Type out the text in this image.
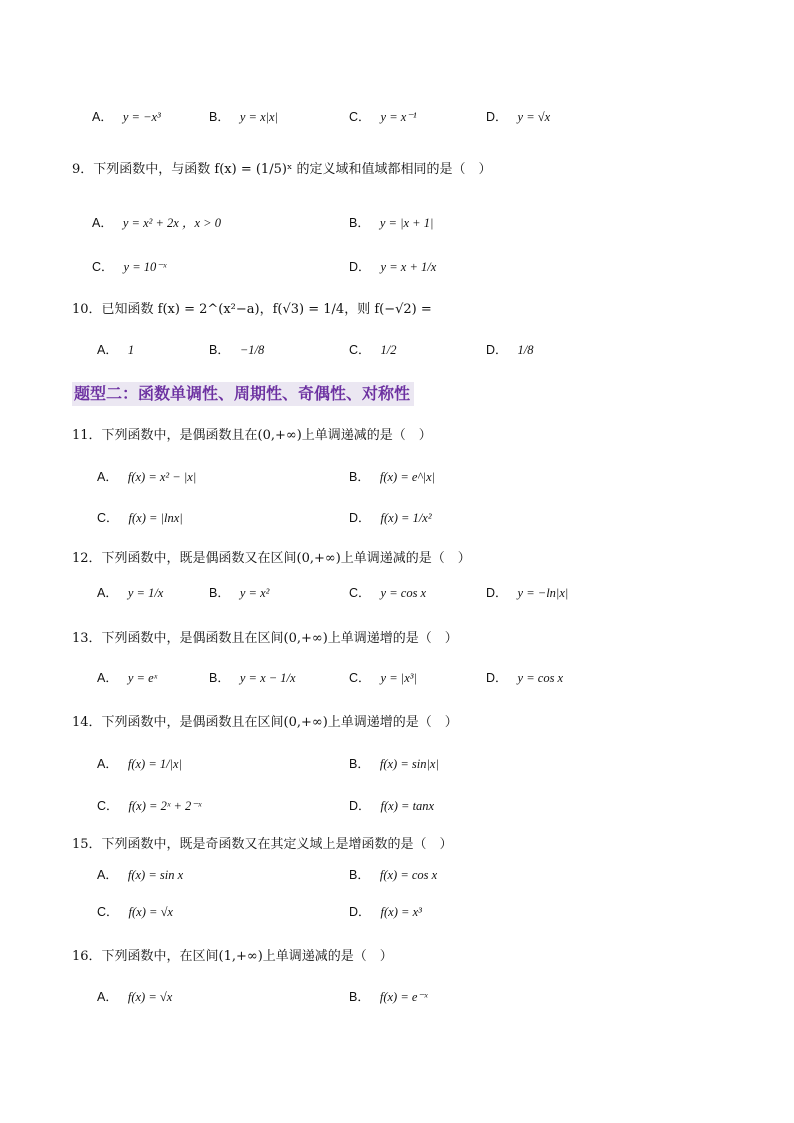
题型二：函数单调性、周期性、奇偶性、对称性
A． y = −x³	B． y = x|x|	C． y = x⁻¹	D． y = √x
9．下列函数中，与函数 f(x) = (1/5)ˣ 的定义域和值域都相同的是（　）
A． y = x² + 2x ，x > 0	B． y = |x + 1|
C． y = 10⁻ˣ	D． y = x + 1/x
10．已知函数 f(x) = 2^(x²−a)，f(√3) = 1/4，则 f(−√2) =
A． 1	B． −1/8	C． 1/2	D． 1/8
11．下列函数中，是偶函数且在(0,+∞)上单调递减的是（　）
A． f(x) = x² − |x|	B． f(x) = e^|x|
C． f(x) = |lnx|	D． f(x) = 1/x²
12．下列函数中，既是偶函数又在区间(0,+∞)上单调递减的是（　）
A． y = 1/x	B． y = x²	C． y = cos x	D． y = −ln|x|
13．下列函数中，是偶函数且在区间(0,+∞)上单调递增的是（　）
A． y = eˣ	B． y = x − 1/x	C． y = |x³|	D． y = cos x
14．下列函数中，是偶函数且在区间(0,+∞)上单调递增的是（　）
A． f(x) = 1/|x|	B． f(x) = sin|x|
C． f(x) = 2ˣ + 2⁻ˣ	D． f(x) = tanx
15．下列函数中，既是奇函数又在其定义域上是增函数的是（　）
A． f(x) = sin x	B． f(x) = cos x
C． f(x) = √x	D． f(x) = x³
16．下列函数中，在区间(1,+∞)上单调递减的是（　）
A． f(x) = √x	B． f(x) = e⁻ˣ
